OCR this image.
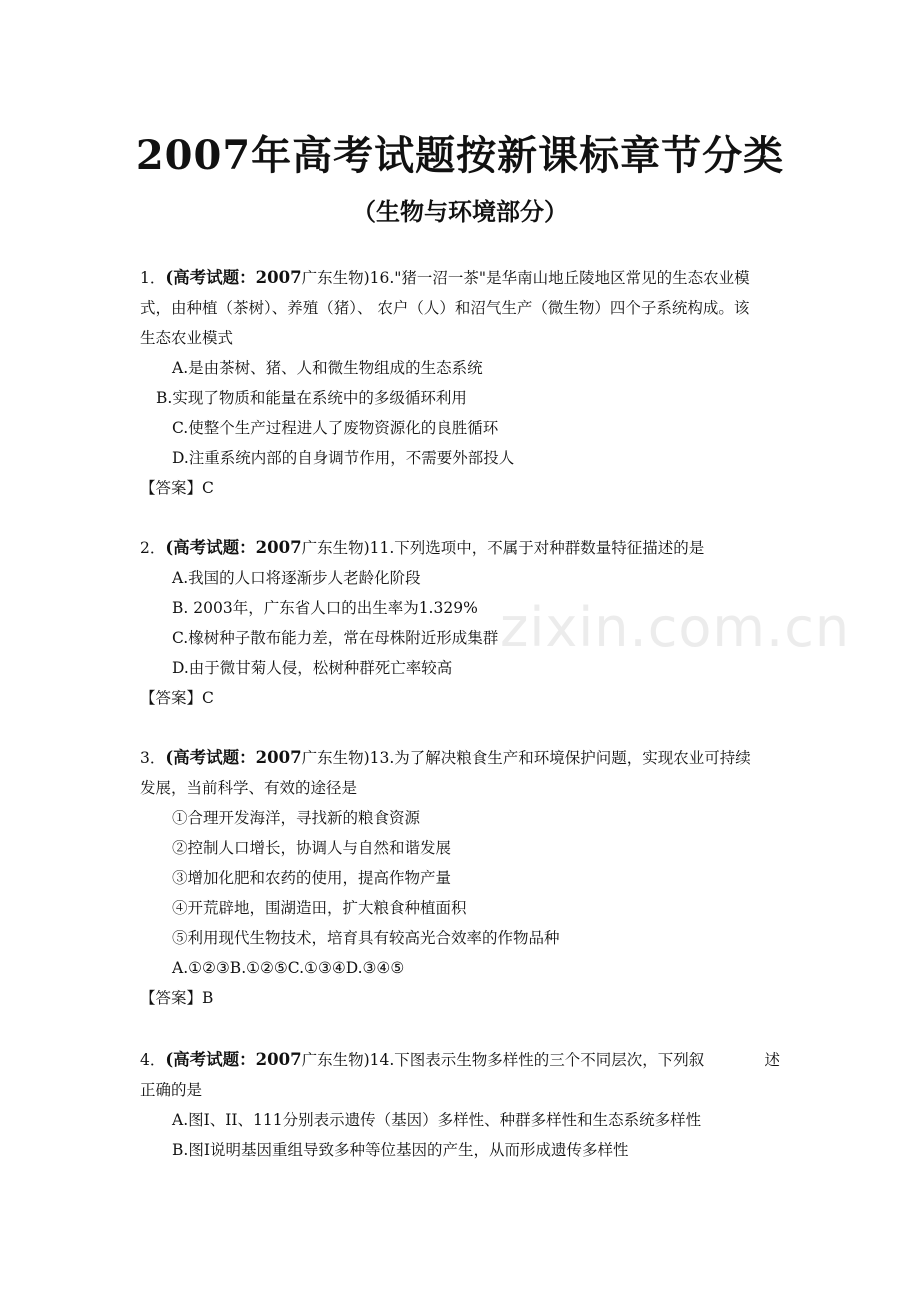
zixin.com.cn
2007年高考试题按新课标章节分类
（生物与环境部分）
1．(高考试题：2007广东生物)16."猪一沼一茶"是华南山地丘陵地区常见的生态农业模
式，由种植（茶树）、养殖（猪）、 农户（人）和沼气生产（微生物）四个子系统构成。该
生态农业模式
A.是由茶树、猪、人和微生物组成的生态系统
B.实现了物质和能量在系统中的多级循环利用
C.使整个生产过程进人了废物资源化的良胜循环
D.注重系统内部的自身调节作用，不需要外部投人
【答案】C
2．(高考试题：2007广东生物)11.下列选项中，不属于对种群数量特征描述的是
A.我国的人口将逐渐步人老龄化阶段
B. 2003年，广东省人口的出生率为1.329%
C.橡树种子散布能力差，常在母株附近形成集群
D.由于微甘菊人侵，松树种群死亡率较高
【答案】C
3．(高考试题：2007广东生物)13.为了解决粮食生产和环境保护问题，实现农业可持续
发展，当前科学、有效的途径是
①合理开发海洋，寻找新的粮食资源
②控制人口增长，协调人与自然和谐发展
③增加化肥和农药的使用，提高作物产量
④开荒辟地，围湖造田，扩大粮食种植面积
⑤利用现代生物技术，培育具有较高光合效率的作物品种
A.①②③B.①②⑤C.①③④D.③④⑤
【答案】B
4．(高考试题：2007广东生物)14.下图表示生物多样性的三个不同层次，下列叙	述
正确的是
A.图I、II、111分别表示遗传（基因）多样性、种群多样性和生态系统多样性
B.图I说明基因重组导致多种等位基因的产生，从而形成遗传多样性
